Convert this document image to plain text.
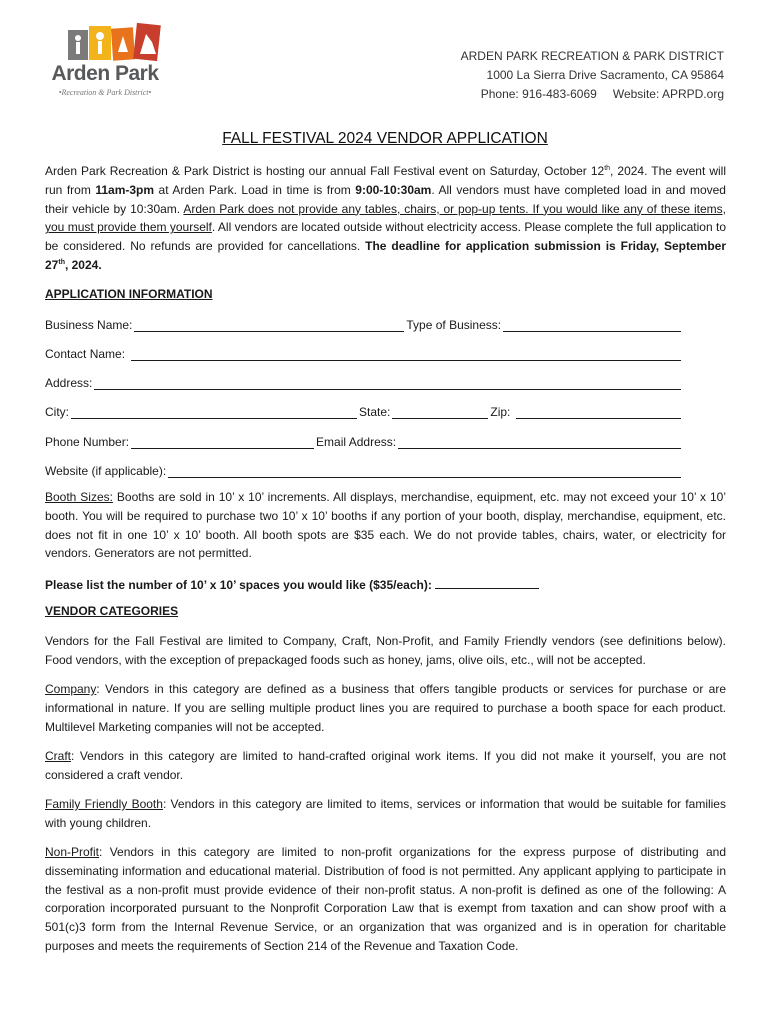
Arden Park
•Recreation & Park District•
ARDEN PARK RECREATION & PARK DISTRICT
1000 La Sierra Drive Sacramento, CA 95864
Phone: 916-483-6069 Website: APRPD.org
FALL FESTIVAL 2024 VENDOR APPLICATION
Arden Park Recreation & Park District is hosting our annual Fall Festival event on Saturday, October 12th, 2024. The event will run from 11am-3pm at Arden Park. Load in time is from 9:00-10:30am. All vendors must have completed load in and moved their vehicle by 10:30am. Arden Park does not provide any tables, chairs, or pop-up tents. If you would like any of these items, you must provide them yourself. All vendors are located outside without electricity access. Please complete the full application to be considered. No refunds are provided for cancellations. The deadline for application submission is Friday, September 27th, 2024.
APPLICATION INFORMATION
Business Name:	Type of Business:
Contact Name:
Address:
City:	State:	Zip:
Phone Number:	Email Address:
Website (if applicable):
Booth Sizes: Booths are sold in 10’ x 10’ increments. All displays, merchandise, equipment, etc. may not exceed your 10’ x 10’ booth. You will be required to purchase two 10’ x 10’ booths if any portion of your booth, display, merchandise, equipment, etc. does not fit in one 10’ x 10’ booth. All booth spots are $35 each. We do not provide tables, chairs, water, or electricity for vendors. Generators are not permitted.
Please list the number of 10’ x 10’ spaces you would like ($35/each):
VENDOR CATEGORIES
Vendors for the Fall Festival are limited to Company, Craft, Non-Profit, and Family Friendly vendors (see definitions below). Food vendors, with the exception of prepackaged foods such as honey, jams, olive oils, etc., will not be accepted.
Company: Vendors in this category are defined as a business that offers tangible products or services for purchase or are informational in nature. If you are selling multiple product lines you are required to purchase a booth space for each product. Multilevel Marketing companies will not be accepted.
Craft: Vendors in this category are limited to hand-crafted original work items. If you did not make it yourself, you are not considered a craft vendor.
Family Friendly Booth: Vendors in this category are limited to items, services or information that would be suitable for families with young children.
Non-Profit: Vendors in this category are limited to non-profit organizations for the express purpose of distributing and disseminating information and educational material. Distribution of food is not permitted. Any applicant applying to participate in the festival as a non-profit must provide evidence of their non-profit status. A non-profit is defined as one of the following: A corporation incorporated pursuant to the Nonprofit Corporation Law that is exempt from taxation and can show proof with a 501(c)3 form from the Internal Revenue Service, or an organization that was organized and is in operation for charitable purposes and meets the requirements of Section 214 of the Revenue and Taxation Code.
